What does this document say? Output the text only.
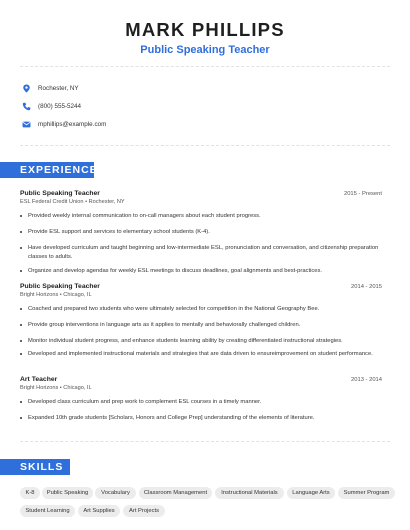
MARK PHILLIPS
Public Speaking Teacher
Rochester, NY
(800) 555-5244
mphillips@example.com
EXPERIENCE
Public Speaking Teacher	2015 - Present
ESL Federal Credit Union • Rochester, NY
Provided weekly internal communication to on-call managers about each student progress.
Provide ESL support and services to elementary school students (K-4).
Have developed curriculum and taught beginning and low-intermediate ESL, pronunciation and conversation, and citizenship preparation classes to adults.
Organize and develop agendas for weekly ESL meetings to discuss deadlines, goal alignments and best-practices.
Public Speaking Teacher	2014 - 2015
Bright Horizons • Chicago, IL
Coached and prepared two students who were ultimately selected for competition in the National Geography Bee.
Provide group interventions in language arts as it applies to mentally and behaviorally challenged children.
Monitor individual student progress, and enhance students learning ability by creating differentiated instructional strategies.
Developed and implemented instructional materials and strategies that are data driven to ensureimprovement on student performance.
Art Teacher	2013 - 2014
Bright Horizons • Chicago, IL
Developed class curriculum and prep work to complement ESL courses in a timely manner.
Expanded 10th grade students [Scholars, Honors and College Prep] understanding of the elements of literature.
SKILLS
K-8	Public Speaking	Vocabulary	Classroom Management	Instructional Materials	Language Arts	Summer Program
Student Learning	Art Supplies	Art Projects
